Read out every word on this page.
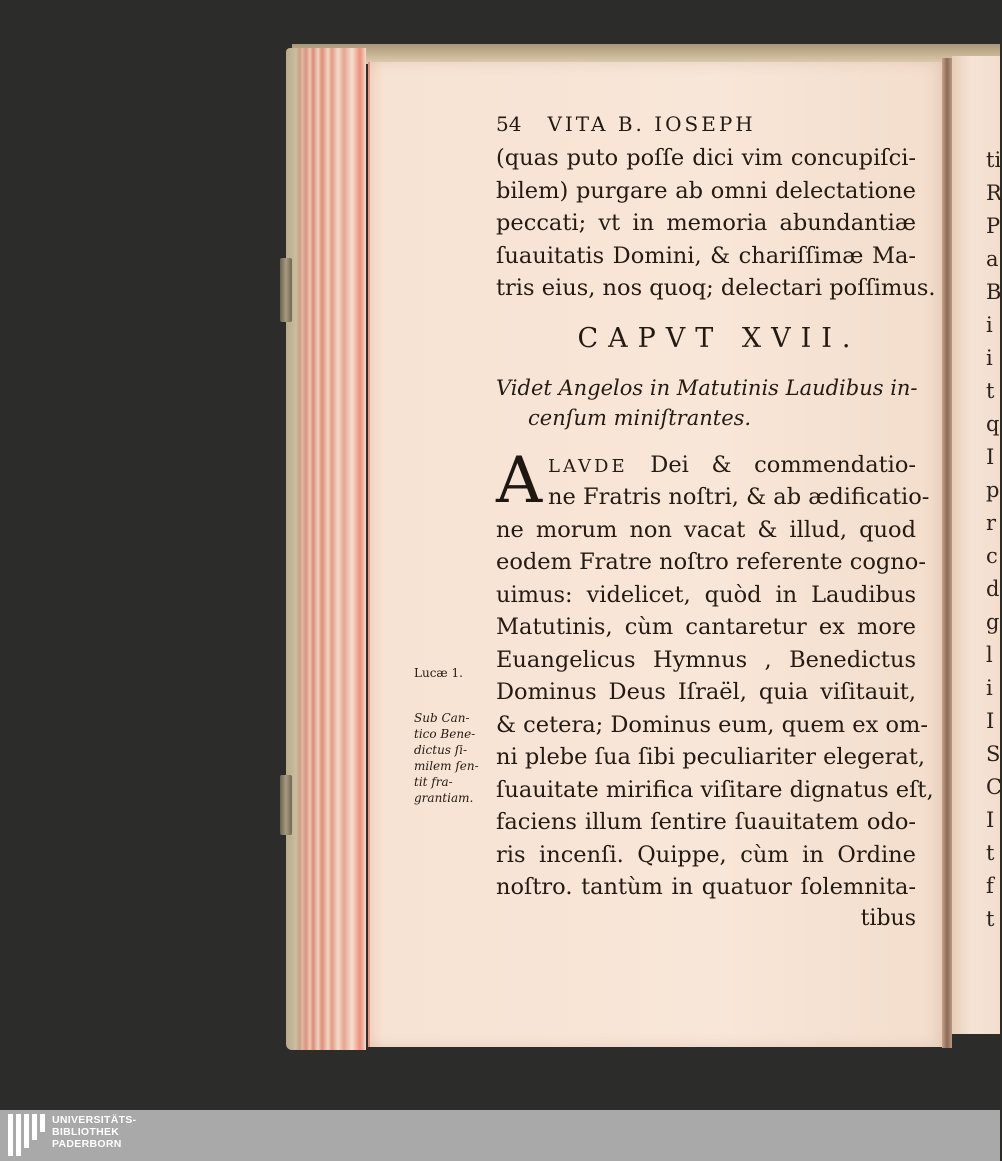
ti
R
P
a
B
i
i
t
q
I
p
r
c
d
g
l
i
I
S
C
I
t
f
t
Lucæ 1.
Sub Can-
tico Bene-
dictus ſi-
milem ſen-
tit fra-
grantiam.
54 VITA B. IOSEPH
(quas puto poſſe dici vim concupiſci-
bilem) purgare ab omni delectatione
peccati; vt in memoria abundantiæ
ſuauitatis Domini, & chariſſimæ Ma-
tris eius, nos quoq; delectari poſſimus.
CAPVT XVII.
Videt Angelos in Matutinis Laudibus in-
cenſum miniſtrantes.
A LAVDE Dei & commendatio-
ne Fratris noſtri, & ab ædificatio-
ne morum non vacat & illud, quod
eodem Fratre noſtro referente cogno-
uimus: videlicet, quòd in Laudibus
Matutinis, cùm cantaretur ex more
Euangelicus Hymnus , Benedictus
Dominus Deus Iſraël, quia viſitauit,
& cetera; Dominus eum, quem ex om-
ni plebe ſua ſibi peculiariter elegerat,
ſuauitate mirifica viſitare dignatus eſt,
faciens illum ſentire ſuauitatem odo-
ris incenſi. Quippe, cùm in Ordine
noſtro. tantùm in quatuor ſolemnita-
tibus
UNIVERSITÄTS-
BIBLIOTHEK
PADERBORN
